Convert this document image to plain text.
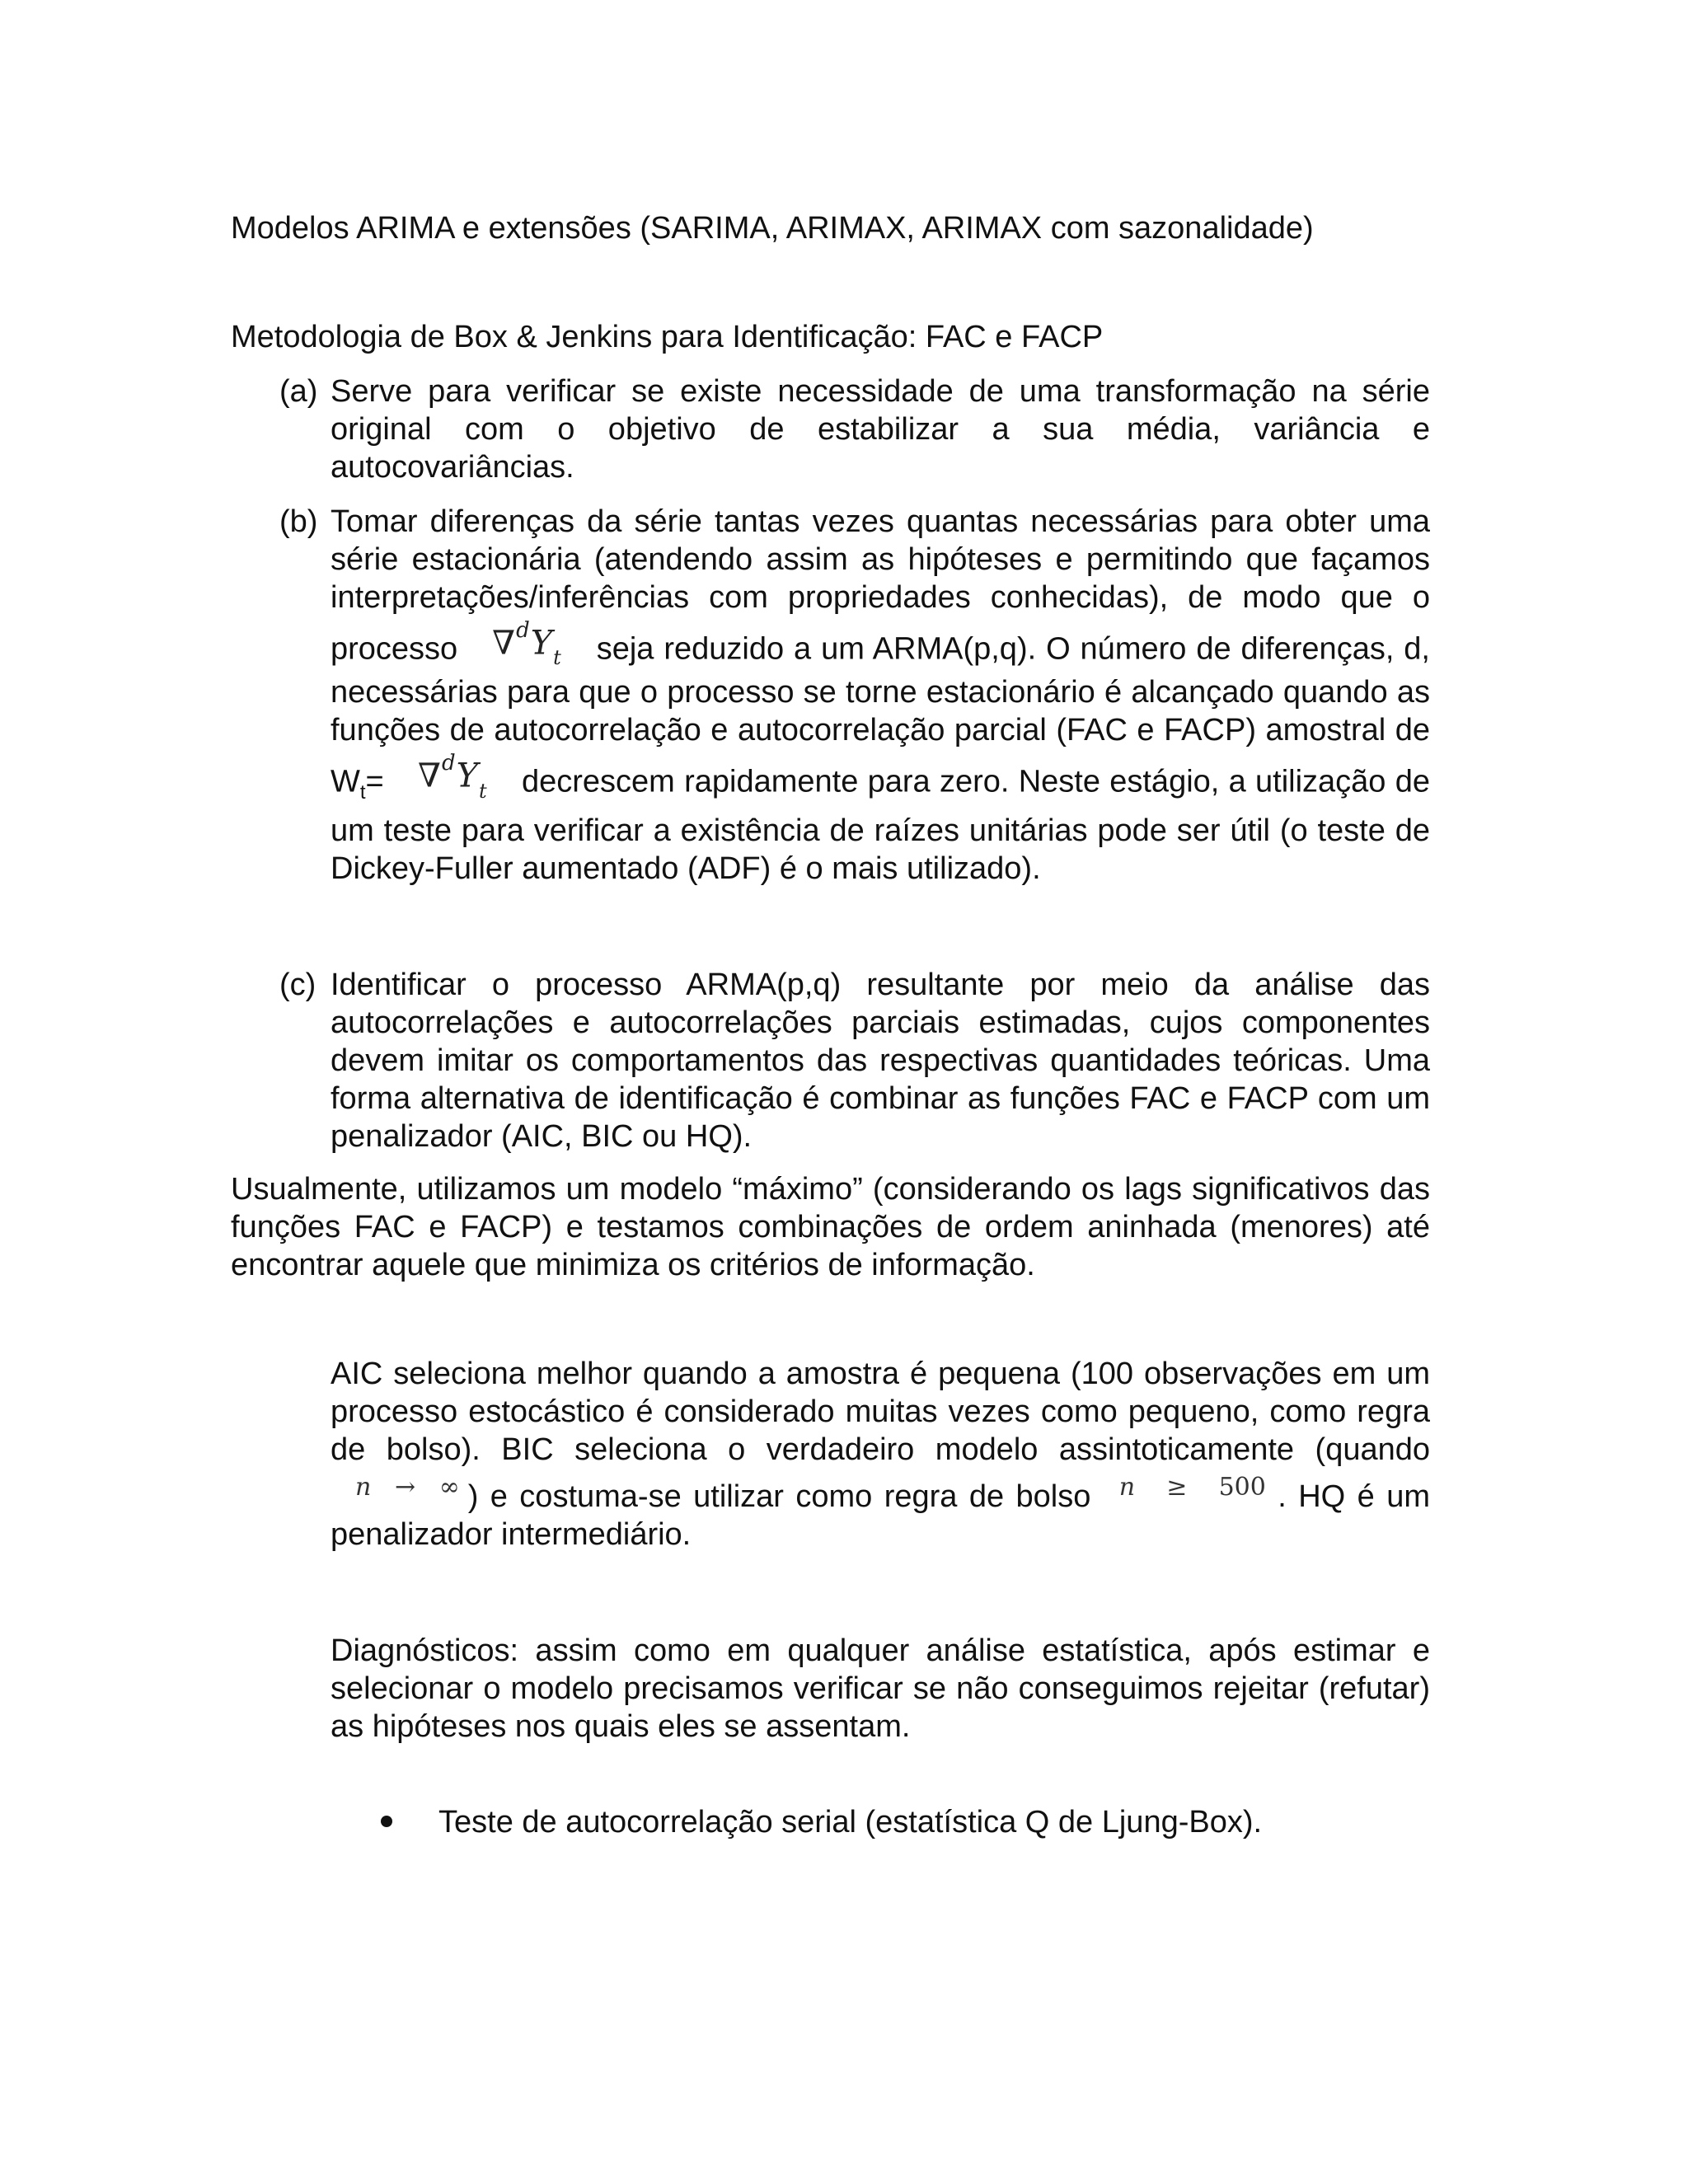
Modelos ARIMA e extensões (SARIMA, ARIMAX, ARIMAX com sazonalidade)
Metodologia de Box & Jenkins para Identificação: FAC e FACP
(a) Serve para verificar se existe necessidade de uma transformação na série original com o objetivo de estabilizar a sua média, variância e autocovariâncias.
(b) Tomar diferenças da série tantas vezes quantas necessárias para obter uma série estacionária (atendendo assim as hipóteses e permitindo que façamos interpretações/inferências com propriedades conhecidas), de modo que o processo $\nabla^dY_t$ seja reduzido a um ARMA(p,q). O número de diferenças, d, necessárias para que o processo se torne estacionário é alcançado quando as funções de autocorrelação e autocorrelação parcial (FAC e FACP) amostral de $W_t= \nabla^dY_t$ decrescem rapidamente para zero. Neste estágio, a utilização de um teste para verificar a existência de raízes unitárias pode ser útil (o teste de Dickey-Fuller aumentado (ADF) é o mais utilizado).
(c) Identificar o processo ARMA(p,q) resultante por meio da análise das autocorrelações e autocorrelações parciais estimadas, cujos componentes devem imitar os comportamentos das respectivas quantidades teóricas. Uma forma alternativa de identificação é combinar as funções FAC e FACP com um penalizador (AIC, BIC ou HQ).
Usualmente, utilizamos um modelo “máximo” (considerando os lags significativos das funções FAC e FACP) e testamos combinações de ordem aninhada (menores) até encontrar aquele que minimiza os critérios de informação.
AIC seleciona melhor quando a amostra é pequena (100 observações em um processo estocástico é considerado muitas vezes como pequeno, como regra de bolso). BIC seleciona o verdadeiro modelo assintoticamente (quando n → ∞ ) e costuma-se utilizar como regra de bolso n ≥ 500 . HQ é um penalizador intermediário.
Diagnósticos: assim como em qualquer análise estatística, após estimar e selecionar o modelo precisamos verificar se não conseguimos rejeitar (refutar) as hipóteses nos quais eles se assentam.
Teste de autocorrelação serial (estatística Q de Ljung-Box).
